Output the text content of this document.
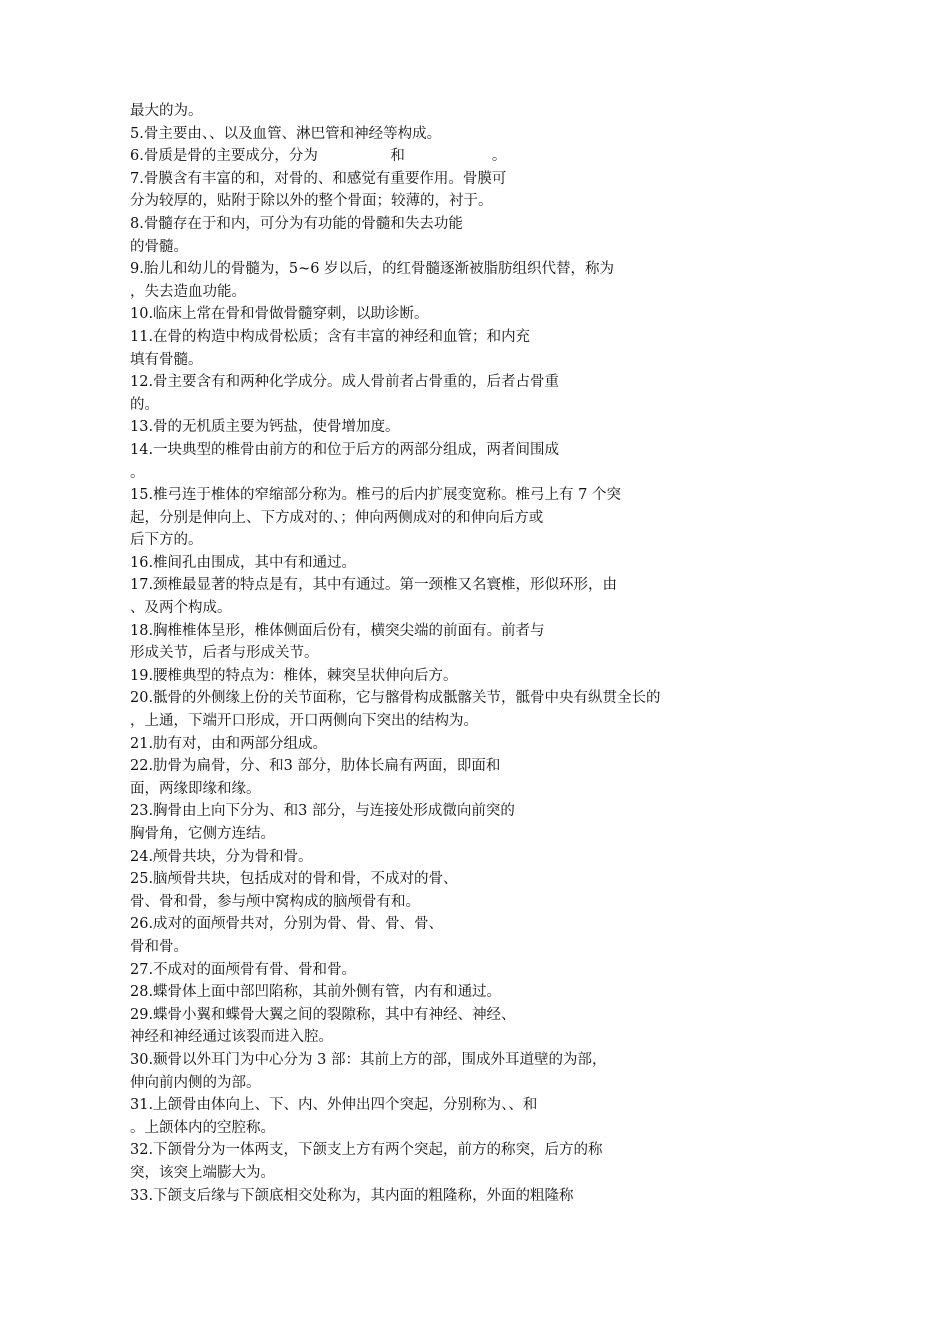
最大的为。
5.骨主要由、、以及血管、淋巴管和神经等构成。
6.骨质是骨的主要成分，分为　　　　　和　　　　　　。
7.骨膜含有丰富的和，对骨的、和感觉有重要作用。骨膜可
分为较厚的，贴附于除以外的整个骨面；较薄的，衬于。
8.骨髓存在于和内，可分为有功能的骨髓和失去功能
的骨髓。
9.胎儿和幼儿的骨髓为，5~6 岁以后，的红骨髓逐渐被脂肪组织代替，称为
，失去造血功能。
10.临床上常在骨和骨做骨髓穿刺，以助诊断。
11.在骨的构造中构成骨松质；含有丰富的神经和血管；和内充
填有骨髓。
12.骨主要含有和两种化学成分。成人骨前者占骨重的，后者占骨重
的。
13.骨的无机质主要为钙盐，使骨增加度。
14.一块典型的椎骨由前方的和位于后方的两部分组成，两者间围成
。
15.椎弓连于椎体的窄缩部分称为。椎弓的后内扩展变宽称。椎弓上有 7 个突
起，分别是伸向上、下方成对的、；伸向两侧成对的和伸向后方或
后下方的。
16.椎间孔由围成，其中有和通过。
17.颈椎最显著的特点是有，其中有通过。第一颈椎又名寰椎，形似环形，由
、及两个构成。
18.胸椎椎体呈形，椎体侧面后份有，横突尖端的前面有。前者与
形成关节，后者与形成关节。
19.腰椎典型的特点为：椎体，棘突呈状伸向后方。
20.骶骨的外侧缘上份的关节面称，它与髂骨构成骶髂关节，骶骨中央有纵贯全长的
，上通，下端开口形成，开口两侧向下突出的结构为。
21.肋有对，由和两部分组成。
22.肋骨为扁骨，分、和3 部分，肋体长扁有两面，即面和
面，两缘即缘和缘。
23.胸骨由上向下分为、和3 部分，与连接处形成微向前突的
胸骨角，它侧方连结。
24.颅骨共块，分为骨和骨。
25.脑颅骨共块，包括成对的骨和骨，不成对的骨、
骨、骨和骨，参与颅中窝构成的脑颅骨有和。
26.成对的面颅骨共对，分别为骨、骨、骨、骨、
骨和骨。
27.不成对的面颅骨有骨、骨和骨。
28.蝶骨体上面中部凹陷称，其前外侧有管，内有和通过。
29.蝶骨小翼和蝶骨大翼之间的裂隙称，其中有神经、神经、
神经和神经通过该裂而进入腔。
30.颞骨以外耳门为中心分为 3 部：其前上方的部，围成外耳道壁的为部，
伸向前内侧的为部。
31.上颌骨由体向上、下、内、外伸出四个突起，分别称为、、和
。上颌体内的空腔称。
32.下颌骨分为一体两支，下颌支上方有两个突起，前方的称突，后方的称
突，该突上端膨大为。
33.下颌支后缘与下颌底相交处称为，其内面的粗隆称，外面的粗隆称
